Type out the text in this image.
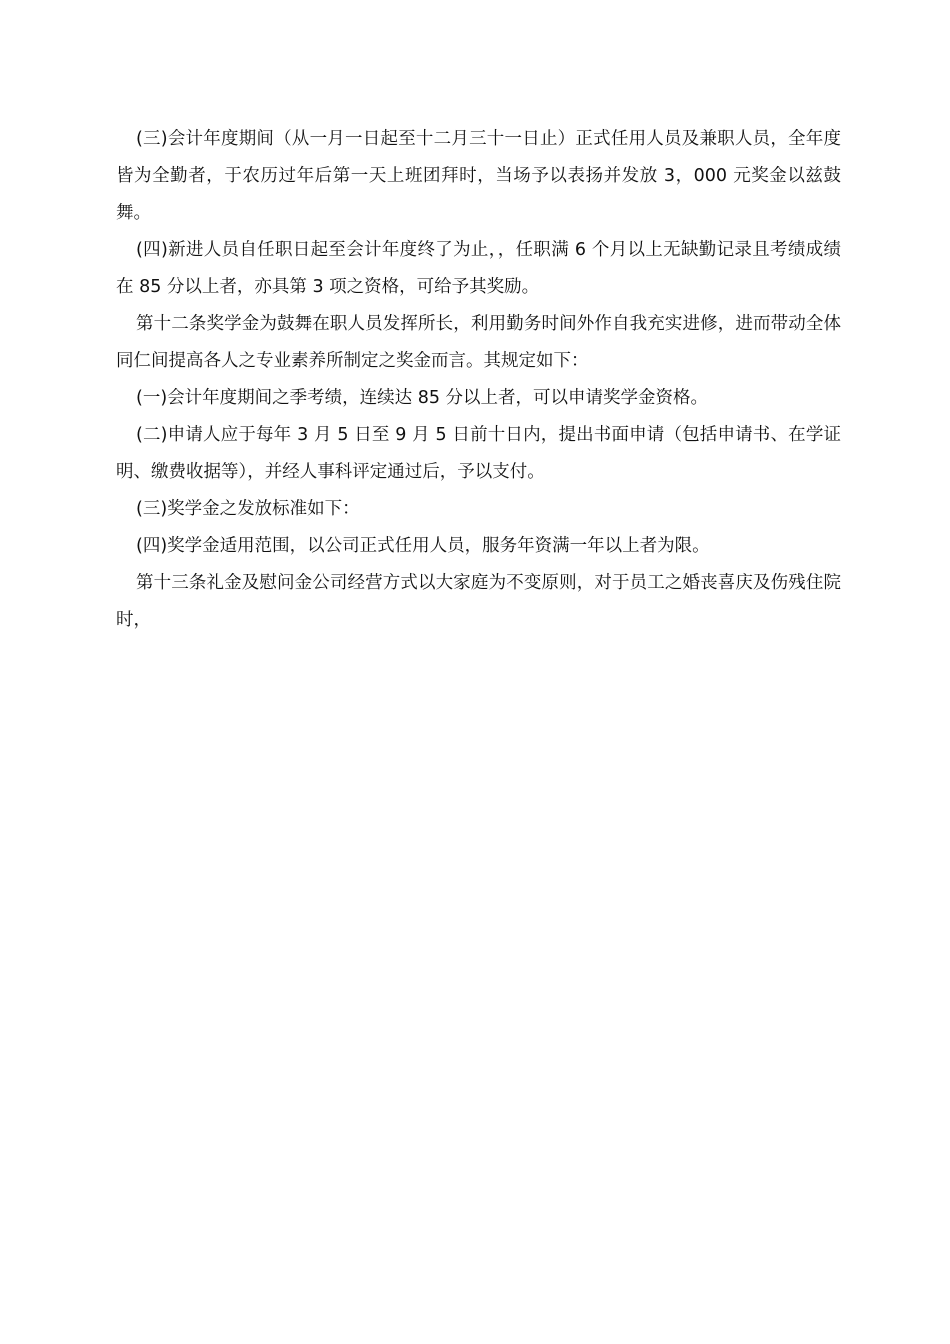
(三)会计年度期间（从一月一日起至十二月三十一日止）正式任用人员及兼职人员，全年度皆为全勤者，于农历过年后第一天上班团拜时，当场予以表扬并发放 3，000 元奖金以兹鼓舞。

(四)新进人员自任职日起至会计年度终了为止，，任职满 6 个月以上无缺勤记录且考绩成绩在 85 分以上者，亦具第 3 项之资格，可给予其奖励。

第十二条奖学金为鼓舞在职人员发挥所长，利用勤务时间外作自我充实进修，进而带动全体同仁间提高各人之专业素养所制定之奖金而言。其规定如下：

(一)会计年度期间之季考绩，连续达 85 分以上者，可以申请奖学金资格。

(二)申请人应于每年 3 月 5 日至 9 月 5 日前十日内，提出书面申请（包括申请书、在学证明、缴费收据等），并经人事科评定通过后，予以支付。

(三)奖学金之发放标准如下：

(四)奖学金适用范围，以公司正式任用人员，服务年资满一年以上者为限。

第十三条礼金及慰问金公司经营方式以大家庭为不变原则，对于员工之婚丧喜庆及伤残住院时，
